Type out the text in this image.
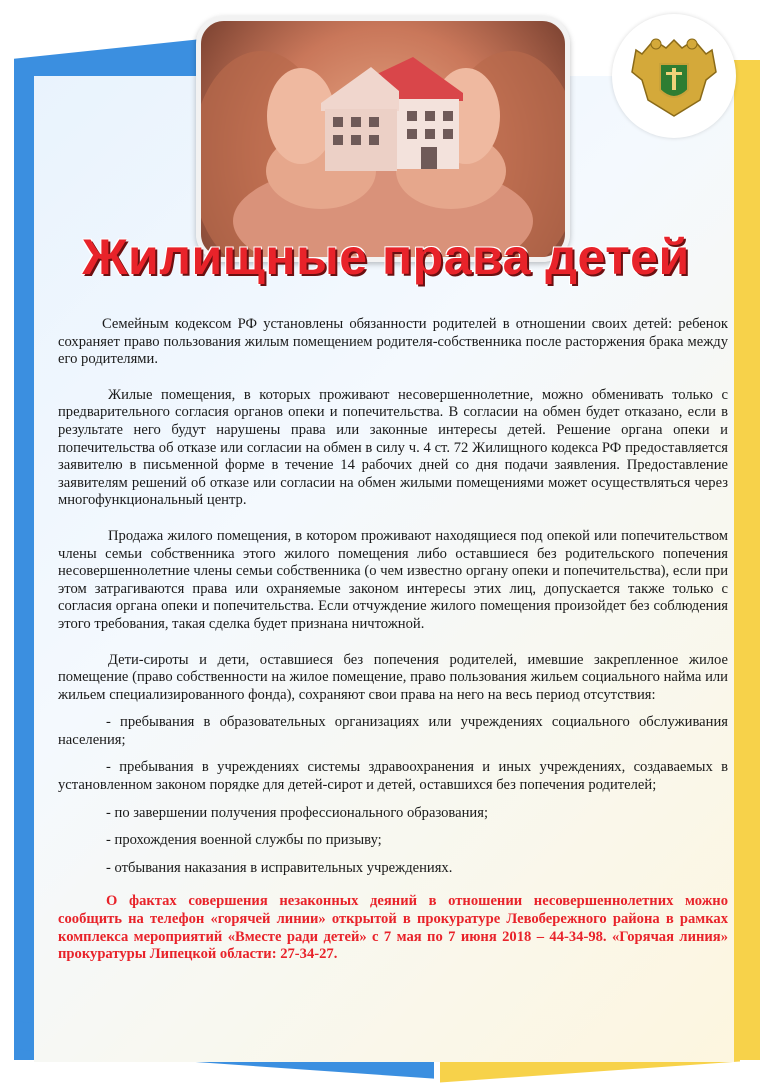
Жилищные права детей

Семейным кодексом РФ установлены обязанности родителей в отношении своих детей: ребенок сохраняет право пользования жилым помещением родителя-собственника после расторжения брака между его родителями.

Жилые помещения, в которых проживают несовершеннолетние, можно обменивать только с предварительного согласия органов опеки и попечительства. В согласии на обмен будет отказано, если в результате него будут нарушены права или законные интересы детей. Решение органа опеки и попечительства об отказе или согласии на обмен в силу ч. 4 ст. 72 Жилищного кодекса РФ предоставляется заявителю в письменной форме в течение 14 рабочих дней со дня подачи заявления. Предоставление заявителям решений об отказе или согласии на обмен жилыми помещениями может осуществляться через многофункциональный центр.

Продажа жилого помещения, в котором проживают находящиеся под опекой или попечительством члены семьи собственника этого жилого помещения либо оставшиеся без родительского попечения несовершеннолетние члены семьи собственника (о чем известно органу опеки и попечительства), если при этом затрагиваются права или охраняемые законом интересы этих лиц, допускается также только с согласия органа опеки и попечительства. Если отчуждение жилого помещения произойдет без соблюдения этого требования, такая сделка будет признана ничтожной.

Дети-сироты и дети, оставшиеся без попечения родителей, имевшие закрепленное жилое помещение (право собственности на жилое помещение, право пользования жильем социального найма или жильем специализированного фонда), сохраняют свои права на него на весь период отсутствия:

- пребывания в образовательных организациях или учреждениях социального обслуживания населения;

- пребывания в учреждениях системы здравоохранения и иных учреждениях, создаваемых в установленном законом порядке для детей-сирот и детей, оставшихся без попечения родителей;

- по завершении получения профессионального образования;

- прохождения военной службы по призыву;

- отбывания наказания в исправительных учреждениях.

О фактах совершения незаконных деяний в отношении несовершеннолетних можно сообщить на телефон «горячей линии» открытой в прокуратуре Левобережного района в рамках комплекса мероприятий «Вместе ради детей» с 7 мая по 7 июня 2018 – 44-34-98. «Горячая линия» прокуратуры Липецкой области: 27-34-27.
